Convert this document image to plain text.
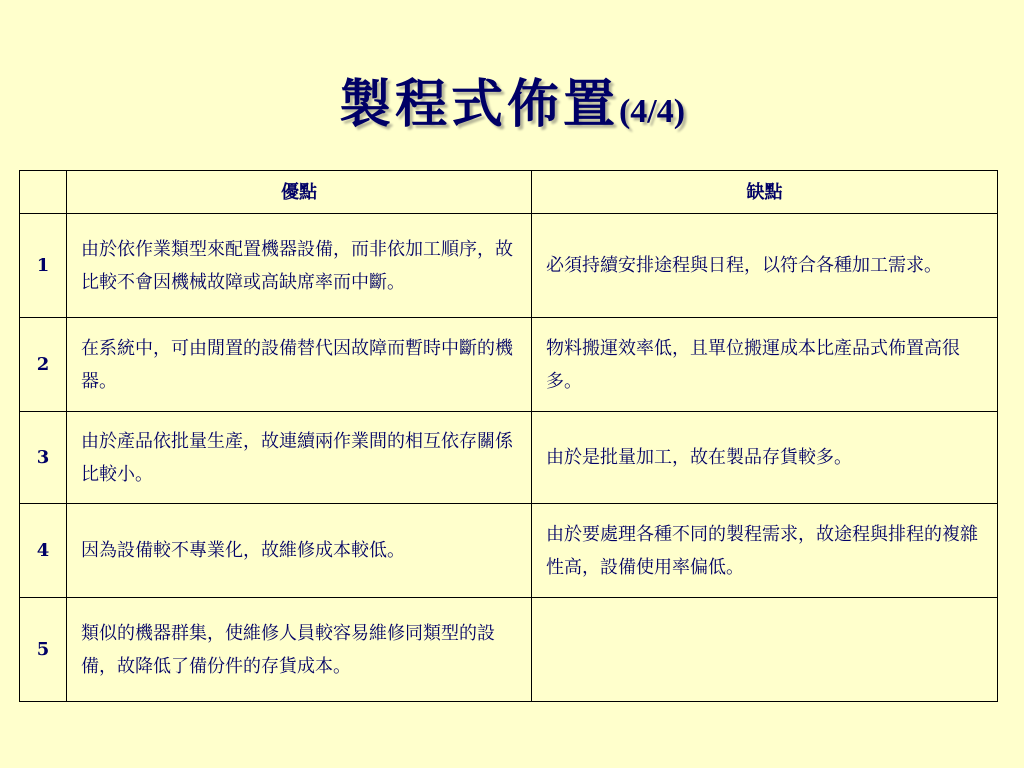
製程式佈置(4/4)
	優點	缺點
1	由於依作業類型來配置機器設備，而非依加工順序，故比較不會因機械故障或高缺席率而中斷。	必須持續安排途程與日程，以符合各種加工需求。
2	在系統中，可由閒置的設備替代因故障而暫時中斷的機器。	物料搬運效率低，且單位搬運成本比產品式佈置高很多。
3	由於產品依批量生產，故連續兩作業間的相互依存關係比較小。	由於是批量加工，故在製品存貨較多。
4	因為設備較不專業化，故維修成本較低。	由於要處理各種不同的製程需求，故途程與排程的複雜性高，設備使用率偏低。
5	類似的機器群集，使維修人員較容易維修同類型的設備，故降低了備份件的存貨成本。	
